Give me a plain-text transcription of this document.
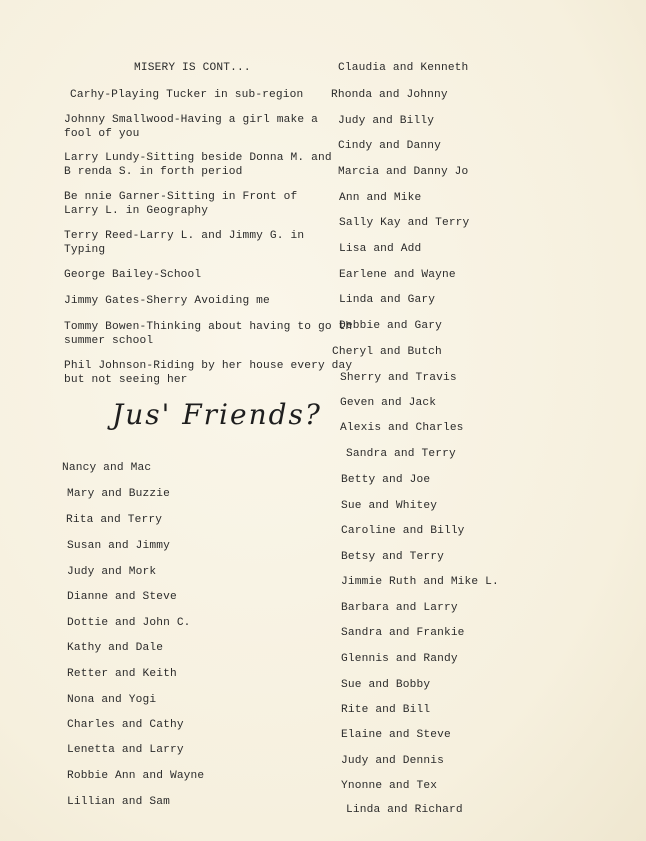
MISERY IS CONT...
Carhy-Playing Tucker in sub-region
Johnny Smallwood-Having a girl make a
fool of you
Larry Lundy-Sitting beside Donna M. and
B renda S. in forth period
Be nnie Garner-Sitting in Front of
Larry L. in Geography
Terry Reed-Larry L. and Jimmy G. in
Typing
George Bailey-School
Jimmy Gates-Sherry Avoiding me
Tommy Bowen-Thinking about having to go th
summer school
Phil Johnson-Riding by her house every day
but not seeing her
Jus' Friends?
Nancy and Mac
Mary and Buzzie
Rita and Terry
Susan and Jimmy
Judy and Mork
Dianne and Steve
Dottie and John C.
Kathy and Dale
Retter and Keith
Nona and Yogi
Charles and Cathy
Lenetta and Larry
Robbie Ann and Wayne
Lillian and Sam
Claudia and Kenneth
Rhonda and Johnny
Judy and Billy
Cindy and Danny
Marcia and Danny Jo
Ann and Mike
Sally Kay and Terry
Lisa and Add
Earlene and Wayne
Linda and Gary
Debbie and Gary
Cheryl and Butch
Sherry and Travis
Geven and Jack
Alexis and Charles
Sandra and Terry
Betty and Joe
Sue and Whitey
Caroline and Billy
Betsy and Terry
Jimmie Ruth and Mike L.
Barbara and Larry
Sandra and Frankie
Glennis and Randy
Sue and Bobby
Rite and Bill
Elaine and Steve
Judy and Dennis
Ynonne and Tex
Linda and Richard
